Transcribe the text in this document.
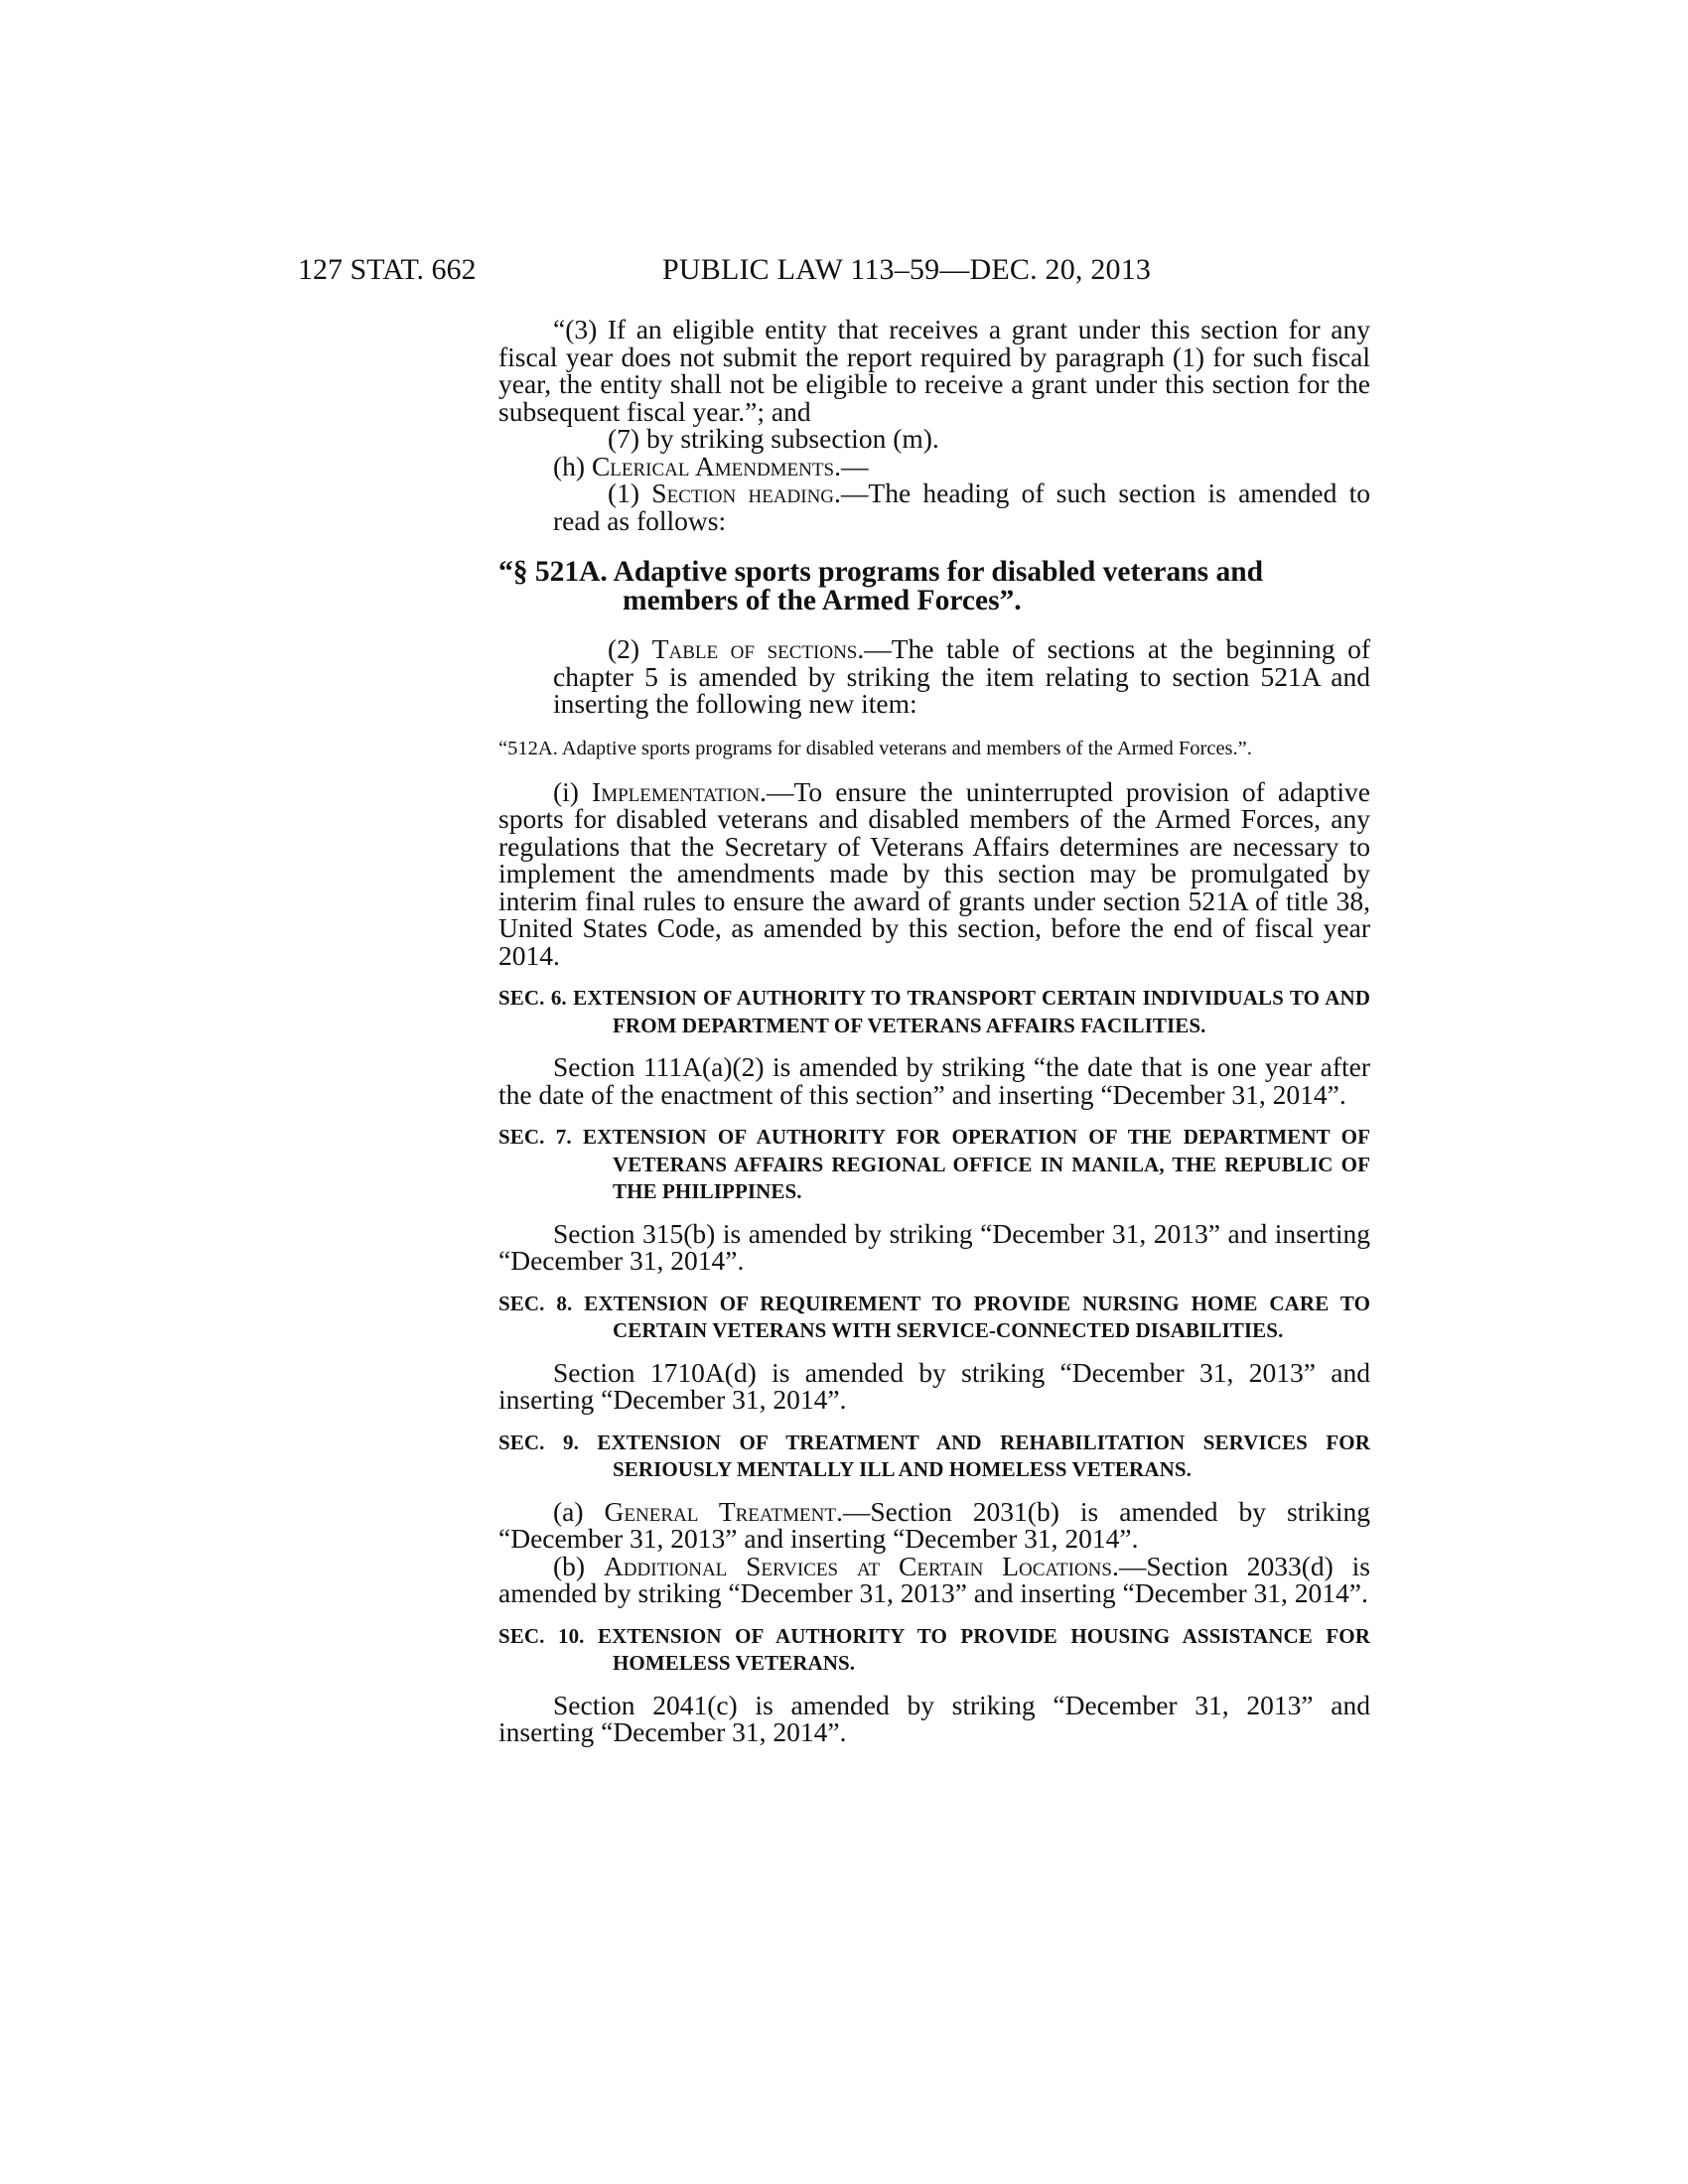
127 STAT. 662	PUBLIC LAW 113–59—DEC. 20, 2013

“(3) If an eligible entity that receives a grant under this section for any fiscal year does not submit the report required by paragraph (1) for such fiscal year, the entity shall not be eligible to receive a grant under this section for the subsequent fiscal year.”; and

(7) by striking subsection (m).

(h) Clerical Amendments.—

(1) Section heading.—The heading of such section is amended to read as follows:

“§ 521A. Adaptive sports programs for disabled veterans and members of the Armed Forces”.

(2) Table of sections.—The table of sections at the beginning of chapter 5 is amended by striking the item relating to section 521A and inserting the following new item:

“512A. Adaptive sports programs for disabled veterans and members of the Armed Forces.”.

(i) Implementation.—To ensure the uninterrupted provision of adaptive sports for disabled veterans and disabled members of the Armed Forces, any regulations that the Secretary of Veterans Affairs determines are necessary to implement the amendments made by this section may be promulgated by interim final rules to ensure the award of grants under section 521A of title 38, United States Code, as amended by this section, before the end of fiscal year 2014.

SEC. 6. EXTENSION OF AUTHORITY TO TRANSPORT CERTAIN INDIVIDUALS TO AND FROM DEPARTMENT OF VETERANS AFFAIRS FACILITIES.

Section 111A(a)(2) is amended by striking “the date that is one year after the date of the enactment of this section” and inserting “December 31, 2014”.

SEC. 7. EXTENSION OF AUTHORITY FOR OPERATION OF THE DEPARTMENT OF VETERANS AFFAIRS REGIONAL OFFICE IN MANILA, THE REPUBLIC OF THE PHILIPPINES.

Section 315(b) is amended by striking “December 31, 2013” and inserting “December 31, 2014”.

SEC. 8. EXTENSION OF REQUIREMENT TO PROVIDE NURSING HOME CARE TO CERTAIN VETERANS WITH SERVICE-CONNECTED DISABILITIES.

Section 1710A(d) is amended by striking “December 31, 2013” and inserting “December 31, 2014”.

SEC. 9. EXTENSION OF TREATMENT AND REHABILITATION SERVICES FOR SERIOUSLY MENTALLY ILL AND HOMELESS VETERANS.

(a) General Treatment.—Section 2031(b) is amended by striking “December 31, 2013” and inserting “December 31, 2014”.

(b) Additional Services at Certain Locations.—Section 2033(d) is amended by striking “December 31, 2013” and inserting “December 31, 2014”.

SEC. 10. EXTENSION OF AUTHORITY TO PROVIDE HOUSING ASSISTANCE FOR HOMELESS VETERANS.

Section 2041(c) is amended by striking “December 31, 2013” and inserting “December 31, 2014”.
